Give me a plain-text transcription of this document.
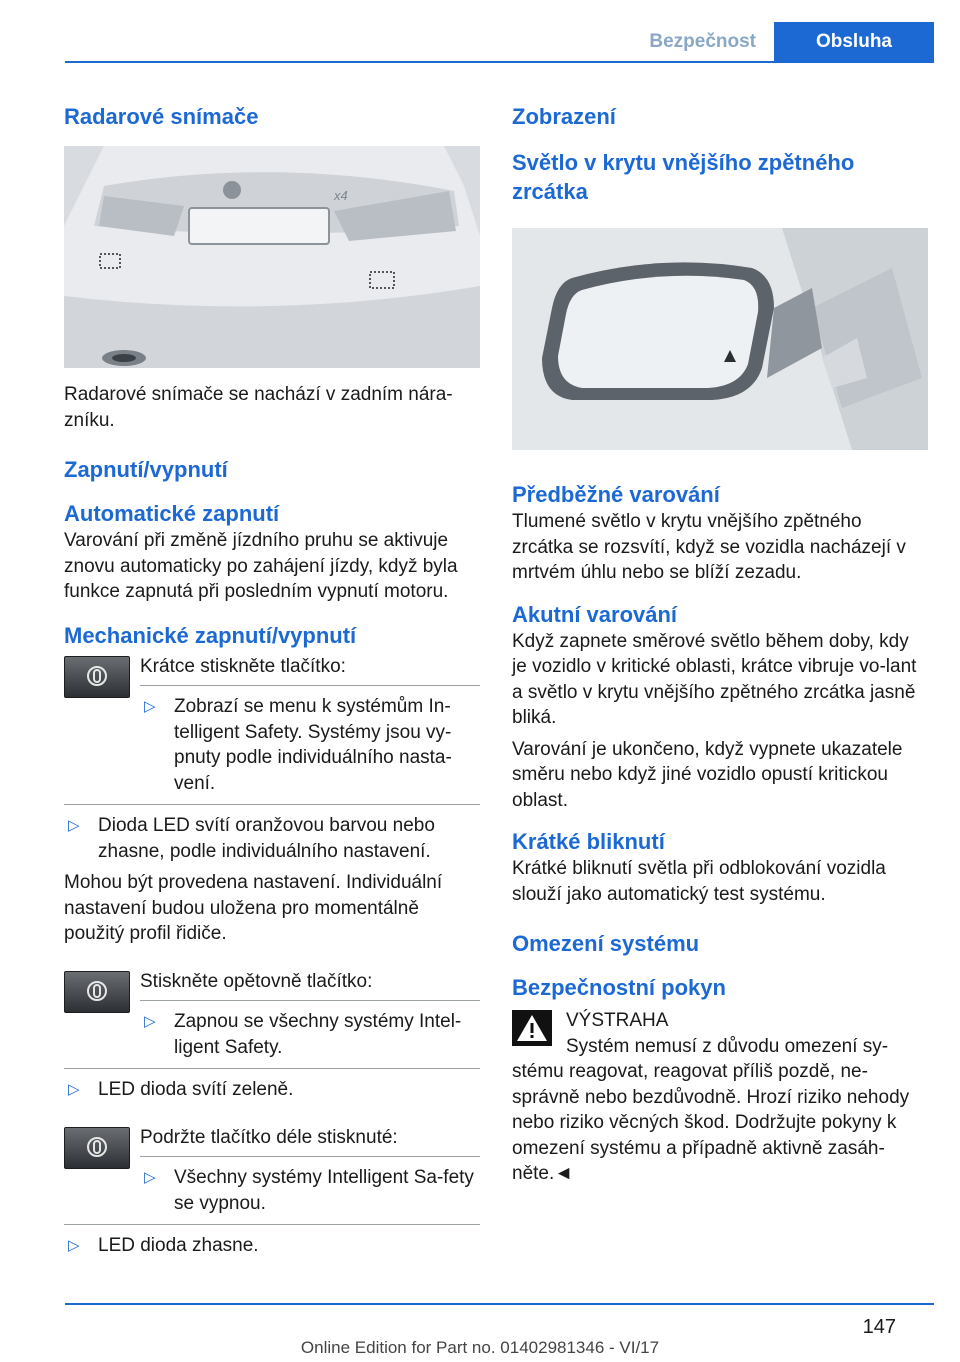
Bezpečnost	Obsluha
Radarové snímače
x4

Radarové snímače se nachází v zadním nára-zníku.

Zapnutí/vypnutí
Automatické zapnutí

Varování při změně jízdního pruhu se aktivuje znovu automaticky po zahájení jízdy, když byla funkce zapnutá při posledním vypnutí motoru.

Mechanické zapnutí/vypnutí

Krátce stiskněte tlačítko:

▷ Zobrazí se menu k systémům In-telligent Safety. Systémy jsou vy-pnuty podle individuálního nasta-vení.
▷ Dioda LED svítí oranžovou barvou nebo zhasne, podle individuálního nastavení.

Mohou být provedena nastavení. Individuální nastavení budou uložena pro momentálně použitý profil řidiče.

Stiskněte opětovně tlačítko:

▷ Zapnou se všechny systémy Intel-ligent Safety.
▷ LED dioda svítí zeleně.

Podržte tlačítko déle stisknuté:

▷ Všechny systémy Intelligent Sa-fety se vypnou.
▷ LED dioda zhasne.
Zobrazení
Světlo v krytu vnějšího zpětného zrcátka
Předběžné varování

Tlumené světlo v krytu vnějšího zpětného zrcátka se rozsvítí, když se vozidla nacházejí v mrtvém úhlu nebo se blíží zezadu.

Akutní varování

Když zapnete směrové světlo během doby, kdy je vozidlo v kritické oblasti, krátce vibruje vo-lant a světlo v krytu vnějšího zpětného zrcátka jasně bliká.

Varování je ukončeno, když vypnete ukazatele směru nebo když jiné vozidlo opustí kritickou oblast.

Krátké bliknutí

Krátké bliknutí světla při odblokování vozidla slouží jako automatický test systému.

Omezení systému
Bezpečnostní pokyn

VÝSTRAHA

Systém nemusí z důvodu omezení sy-

stému reagovat, reagovat příliš pozdě, ne-správně nebo bezdůvodně. Hrozí riziko nehody nebo riziko věcných škod. Dodržujte pokyny k omezení systému a případně aktivně zasáh-něte.◄

147
Online Edition for Part no. 01402981346 - VI/17
